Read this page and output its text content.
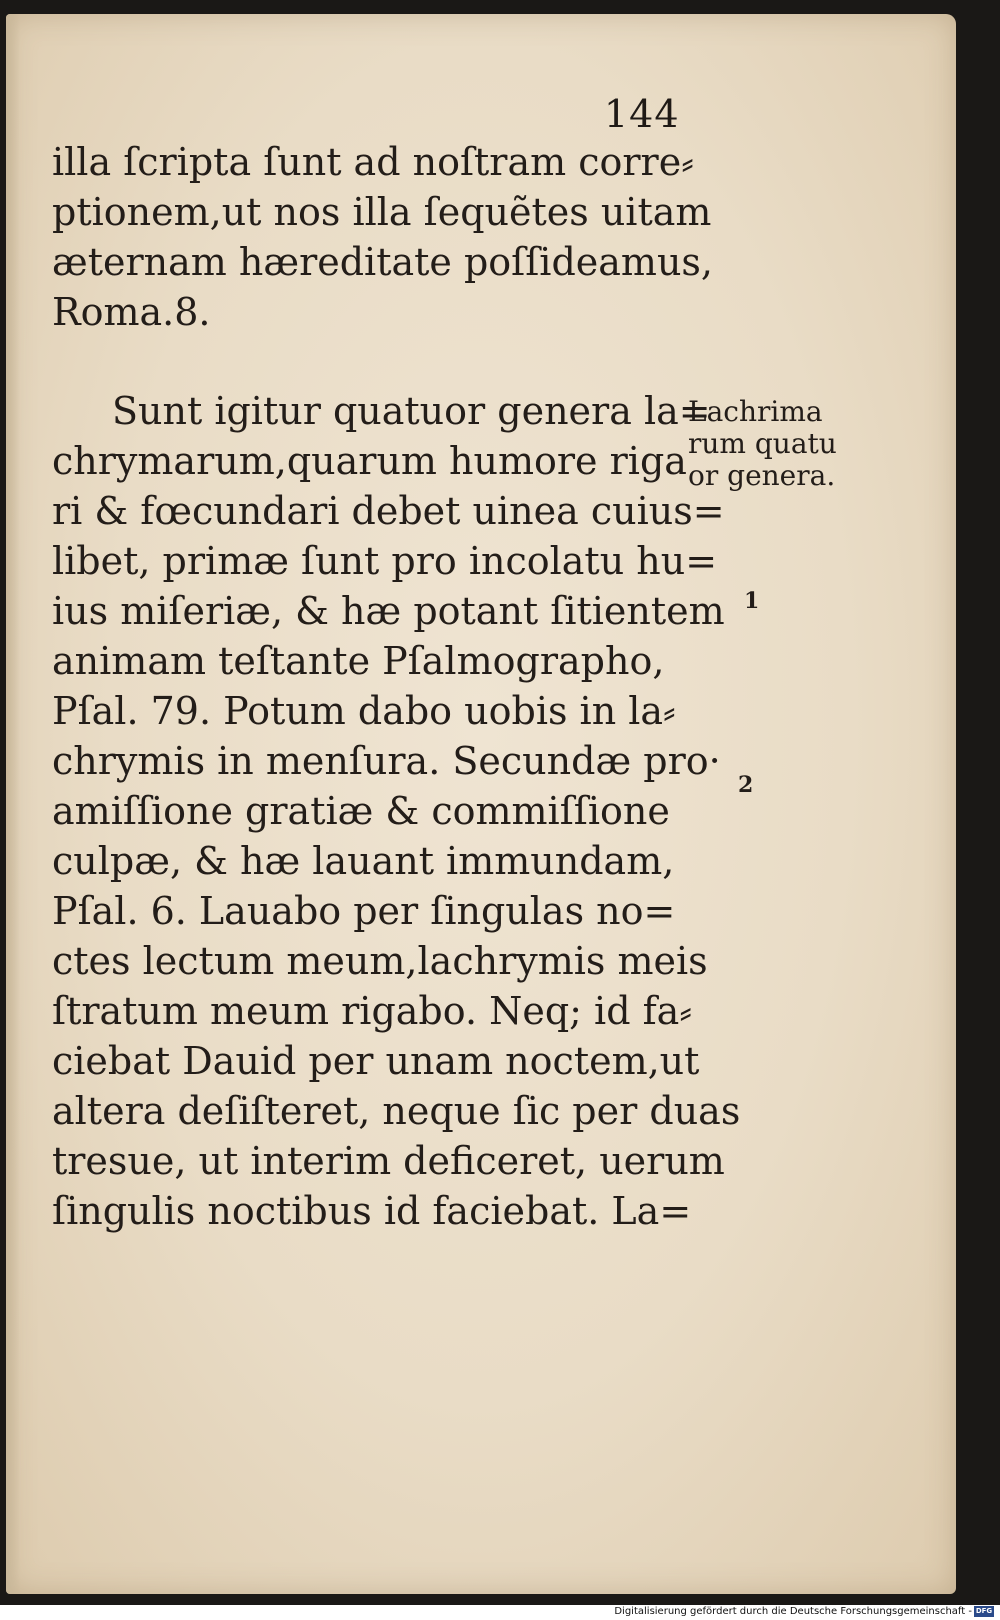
144
illa ſcripta ſunt ad noſtram corre⸗
ptionem,ut nos illa ſequẽtes uitam
æternam hæreditate poſſideamus,
Roma.8.
Sunt igitur quatuor genera la=
chrymarum,quarum humore riga
ri & fœcundari debet uinea cuius=
libet, primæ ſunt pro incolatu hu=
ius miſeriæ, & hæ potant ſitientem
animam teſtante Pſalmographo,
Pſal. 79. Potum dabo uobis in la⸗
chrymis in menſura. Secundæ pro·
amiſſione gratiæ & commiſſione
culpæ, & hæ lauant immundam,
Pſal. 6. Lauabo per ſingulas no=
ctes lectum meum,lachrymis meis
ſtratum meum rigabo. Neq; id fa⸗
ciebat Dauid per unam noctem,ut
altera deſiſteret, neque ſic per duas
tresue, ut interim deficeret, uerum
ſingulis noctibus id faciebat. La=
Lachrima
rum quatu
or genera.
1
2
Digitalisierung gefördert durch die Deutsche Forschungsgemeinschaft - DFG
